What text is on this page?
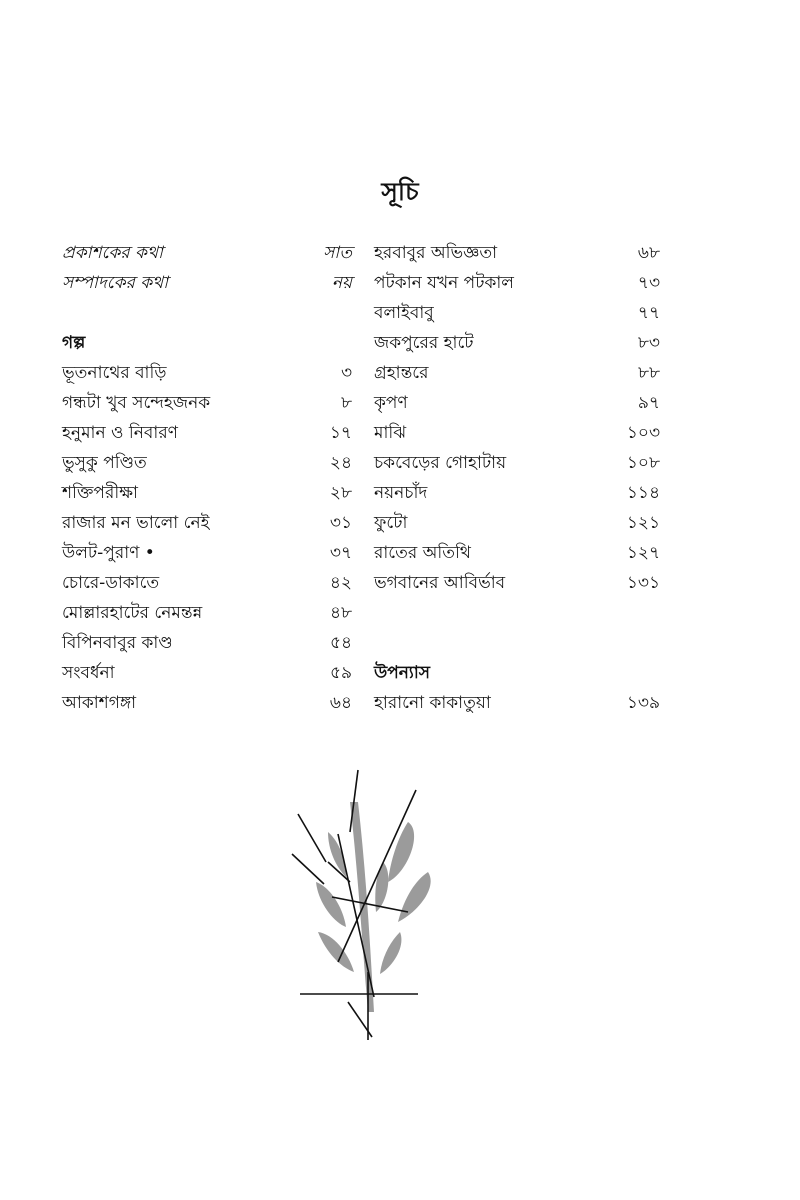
সূচি
প্রকাশকের কথা	সাত
সম্পাদকের কথা	নয়
গল্প
ভূতনাথের বাড়ি	৩
গন্ধটা খুব সন্দেহজনক	৮
হনুমান ও নিবারণ	১৭
ভুসুকু পণ্ডিত	২৪
শক্তিপরীক্ষা	২৮
রাজার মন ভালো নেই	৩১
উলট-পুরাণ •	৩৭
চোরে-ডাকাতে	৪২
মোল্লারহাটের নেমন্তন্ন	৪৮
বিপিনবাবুর কাণ্ড	৫৪
সংবর্ধনা	৫৯
আকাশগঙ্গা	৬৪
হরবাবুর অভিজ্ঞতা	৬৮
পটকান যখন পটকাল	৭৩
বলাইবাবু	৭৭
জকপুরের হাটে	৮৩
গ্রহান্তরে	৮৮
কৃপণ	৯৭
মাঝি	১০৩
চকবেড়ের গোহাটায়	১০৮
নয়নচাঁদ	১১৪
ফুটো	১২১
রাতের অতিথি	১২৭
ভগবানের আবির্ভাব	১৩১
উপন্যাস
হারানো কাকাতুয়া	১৩৯
